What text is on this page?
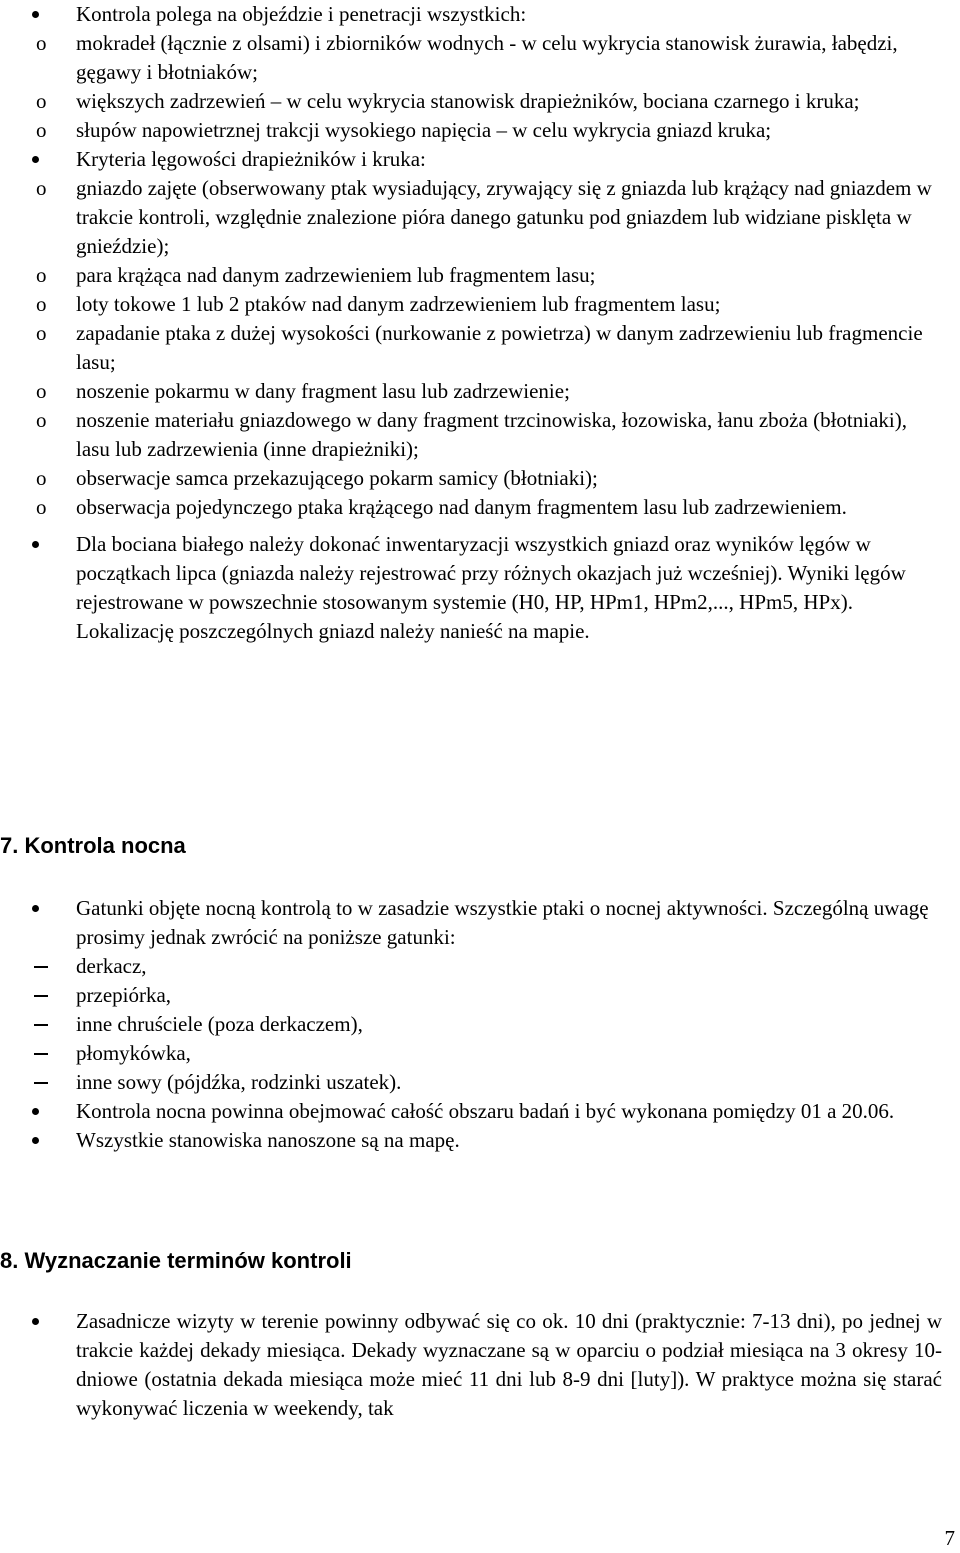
Kontrola polega na objeździe i penetracji wszystkich:
o mokradeł (łącznie z olsami) i zbiorników wodnych - w celu wykrycia stanowisk żurawia, łabędzi, gęgawy i błotniaków;
o większych zadrzewień – w celu wykrycia stanowisk drapieżników, bociana czarnego i kruka;
o słupów napowietrznej trakcji wysokiego napięcia – w celu wykrycia gniazd kruka;
Kryteria lęgowości drapieżników i kruka:
o gniazdo zajęte (obserwowany ptak wysiadujący, zrywający się z gniazda lub krążący nad gniazdem w trakcie kontroli, względnie znalezione pióra danego gatunku pod gniazdem lub widziane pisklęta w gnieździe);
o para krążąca nad danym zadrzewieniem lub fragmentem lasu;
o loty tokowe 1 lub 2 ptaków nad danym zadrzewieniem lub fragmentem lasu;
o zapadanie ptaka z dużej wysokości (nurkowanie z powietrza) w danym zadrzewieniu lub fragmencie lasu;
o noszenie pokarmu w dany fragment lasu lub zadrzewienie;
o noszenie materiału gniazdowego w dany fragment trzcinowiska, łozowiska, łanu zboża (błotniaki), lasu lub zadrzewienia (inne drapieżniki);
o obserwacje samca przekazującego pokarm samicy (błotniaki);
o obserwacja pojedynczego ptaka krążącego nad danym fragmentem lasu lub zadrzewieniem.
Dla bociana białego należy dokonać inwentaryzacji wszystkich gniazd oraz wyników lęgów w początkach lipca (gniazda należy rejestrować przy różnych okazjach już wcześniej). Wyniki lęgów rejestrowane w powszechnie stosowanym systemie (H0, HP, HPm1, HPm2,..., HPm5, HPx). Lokalizację poszczególnych gniazd należy nanieść na mapie.
7. Kontrola nocna
Gatunki objęte nocną kontrolą to w zasadzie wszystkie ptaki o nocnej aktywności. Szczególną uwagę prosimy jednak zwrócić na poniższe gatunki:
derkacz,
przepiórka,
inne chruściele (poza derkaczem),
płomykówka,
inne sowy (pójdźka, rodzinki uszatek).
Kontrola nocna powinna obejmować całość obszaru badań i być wykonana pomiędzy 01 a 20.06.
Wszystkie stanowiska nanoszone są na mapę.
8. Wyznaczanie terminów kontroli
Zasadnicze wizyty w terenie powinny odbywać się co ok. 10 dni (praktycznie: 7-13 dni), po jednej w trakcie każdej dekady miesiąca. Dekady wyznaczane są w oparciu o podział miesiąca na 3 okresy 10-dniowe (ostatnia dekada miesiąca może mieć 11 dni lub 8-9 dni [luty]). W praktyce można się starać wykonywać liczenia w weekendy, tak
7
